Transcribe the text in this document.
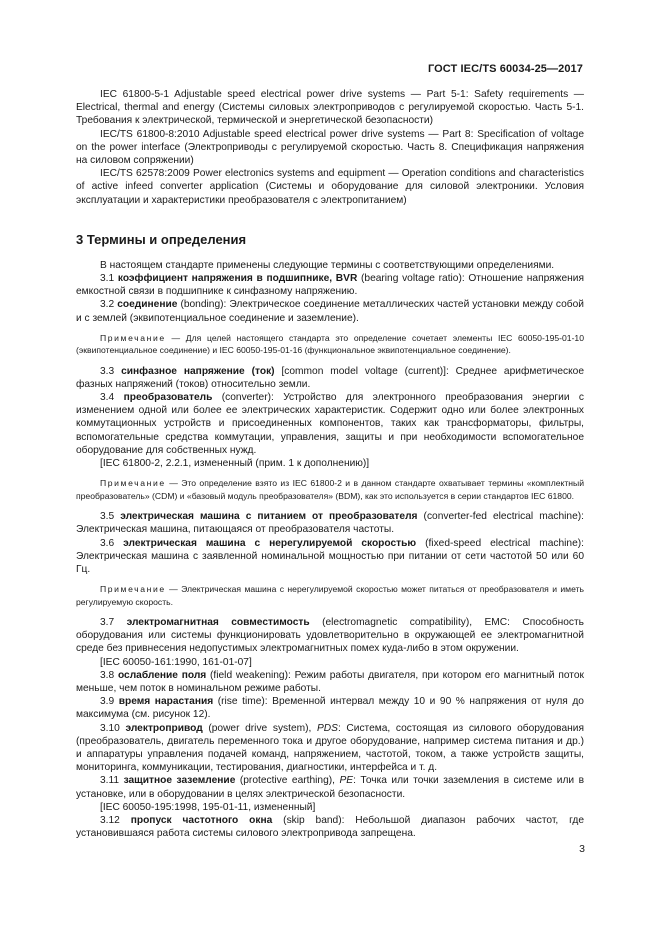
ГОСТ IEC/TS 60034-25—2017

IEC 61800-5-1 Adjustable speed electrical power drive systems — Part 5-1: Safety requirements — Electrical, thermal and energy (Системы силовых электроприводов с регулируемой скоростью. Часть 5-1. Требования к электрической, термической и энергетической безопасности)

IEC/TS 61800-8:2010 Adjustable speed electrical power drive systems — Part 8: Specification of voltage on the power interface (Электроприводы с регулируемой скоростью. Часть 8. Спецификация напряжения на силовом сопряжении)

IEC/TS 62578:2009 Power electronics systems and equipment — Operation conditions and characteristics of active infeed converter application (Системы и оборудование для силовой электроники. Условия эксплуатации и характеристики преобразователя с электропитанием)

3 Термины и определения

В настоящем стандарте применены следующие термины с соответствующими определениями.

3.1 коэффициент напряжения в подшипнике, BVR (bearing voltage ratio): Отношение напряжения емкостной связи в подшипнике к синфазному напряжению.

3.2 соединение (bonding): Электрическое соединение металлических частей установки между собой и с землей (эквипотенциальное соединение и заземление).

Примечание — Для целей настоящего стандарта это определение сочетает элементы IEC 60050-195-01-10 (эквипотенциальное соединение) и IEC 60050-195-01-16 (функциональное эквипотенциальное соединение).

3.3 синфазное напряжение (ток) [common model voltage (current)]: Среднее арифметическое фазных напряжений (токов) относительно земли.

3.4 преобразователь (converter): Устройство для электронного преобразования энергии с изменением одной или более ее электрических характеристик. Содержит одно или более электронных коммутационных устройств и присоединенных компонентов, таких как трансформаторы, фильтры, вспомогательные средства коммутации, управления, защиты и при необходимости вспомогательное оборудование для собственных нужд.

[IEC 61800-2, 2.2.1, измененный (прим. 1 к дополнению)]

Примечание — Это определение взято из IEC 61800-2 и в данном стандарте охватывает термины «комплектный преобразователь» (CDM) и «базовый модуль преобразователя» (BDM), как это используется в серии стандартов IEC 61800.

3.5 электрическая машина с питанием от преобразователя (converter-fed electrical machine): Электрическая машина, питающаяся от преобразователя частоты.

3.6 электрическая машина с нерегулируемой скоростью (fixed-speed electrical machine): Электрическая машина с заявленной номинальной мощностью при питании от сети частотой 50 или 60 Гц.

Примечание — Электрическая машина с нерегулируемой скоростью может питаться от преобразователя и иметь регулируемую скорость.

3.7 электромагнитная совместимость (electromagnetic compatibility), EMC: Способность оборудования или системы функционировать удовлетворительно в окружающей ее электромагнитной среде без привнесения недопустимых электромагнитных помех куда-либо в этом окружении.

[IEC 60050-161:1990, 161-01-07]

3.8 ослабление поля (field weakening): Режим работы двигателя, при котором его магнитный поток меньше, чем поток в номинальном режиме работы.

3.9 время нарастания (rise time): Временной интервал между 10 и 90 % напряжения от нуля до максимума (см. рисунок 12).

3.10 электропривод (power drive system), PDS: Система, состоящая из силового оборудования (преобразователь, двигатель переменного тока и другое оборудование, например система питания и др.) и аппаратуры управления подачей команд, напряжением, частотой, током, а также устройств защиты, мониторинга, коммуникации, тестирования, диагностики, интерфейса и т. д.

3.11 защитное заземление (protective earthing), PE: Точка или точки заземления в системе или в установке, или в оборудовании в целях электрической безопасности.

[IEC 60050-195:1998, 195-01-11, измененный]

3.12 пропуск частотного окна (skip band): Небольшой диапазон рабочих частот, где установившаяся работа системы силового электропривода запрещена.

3
